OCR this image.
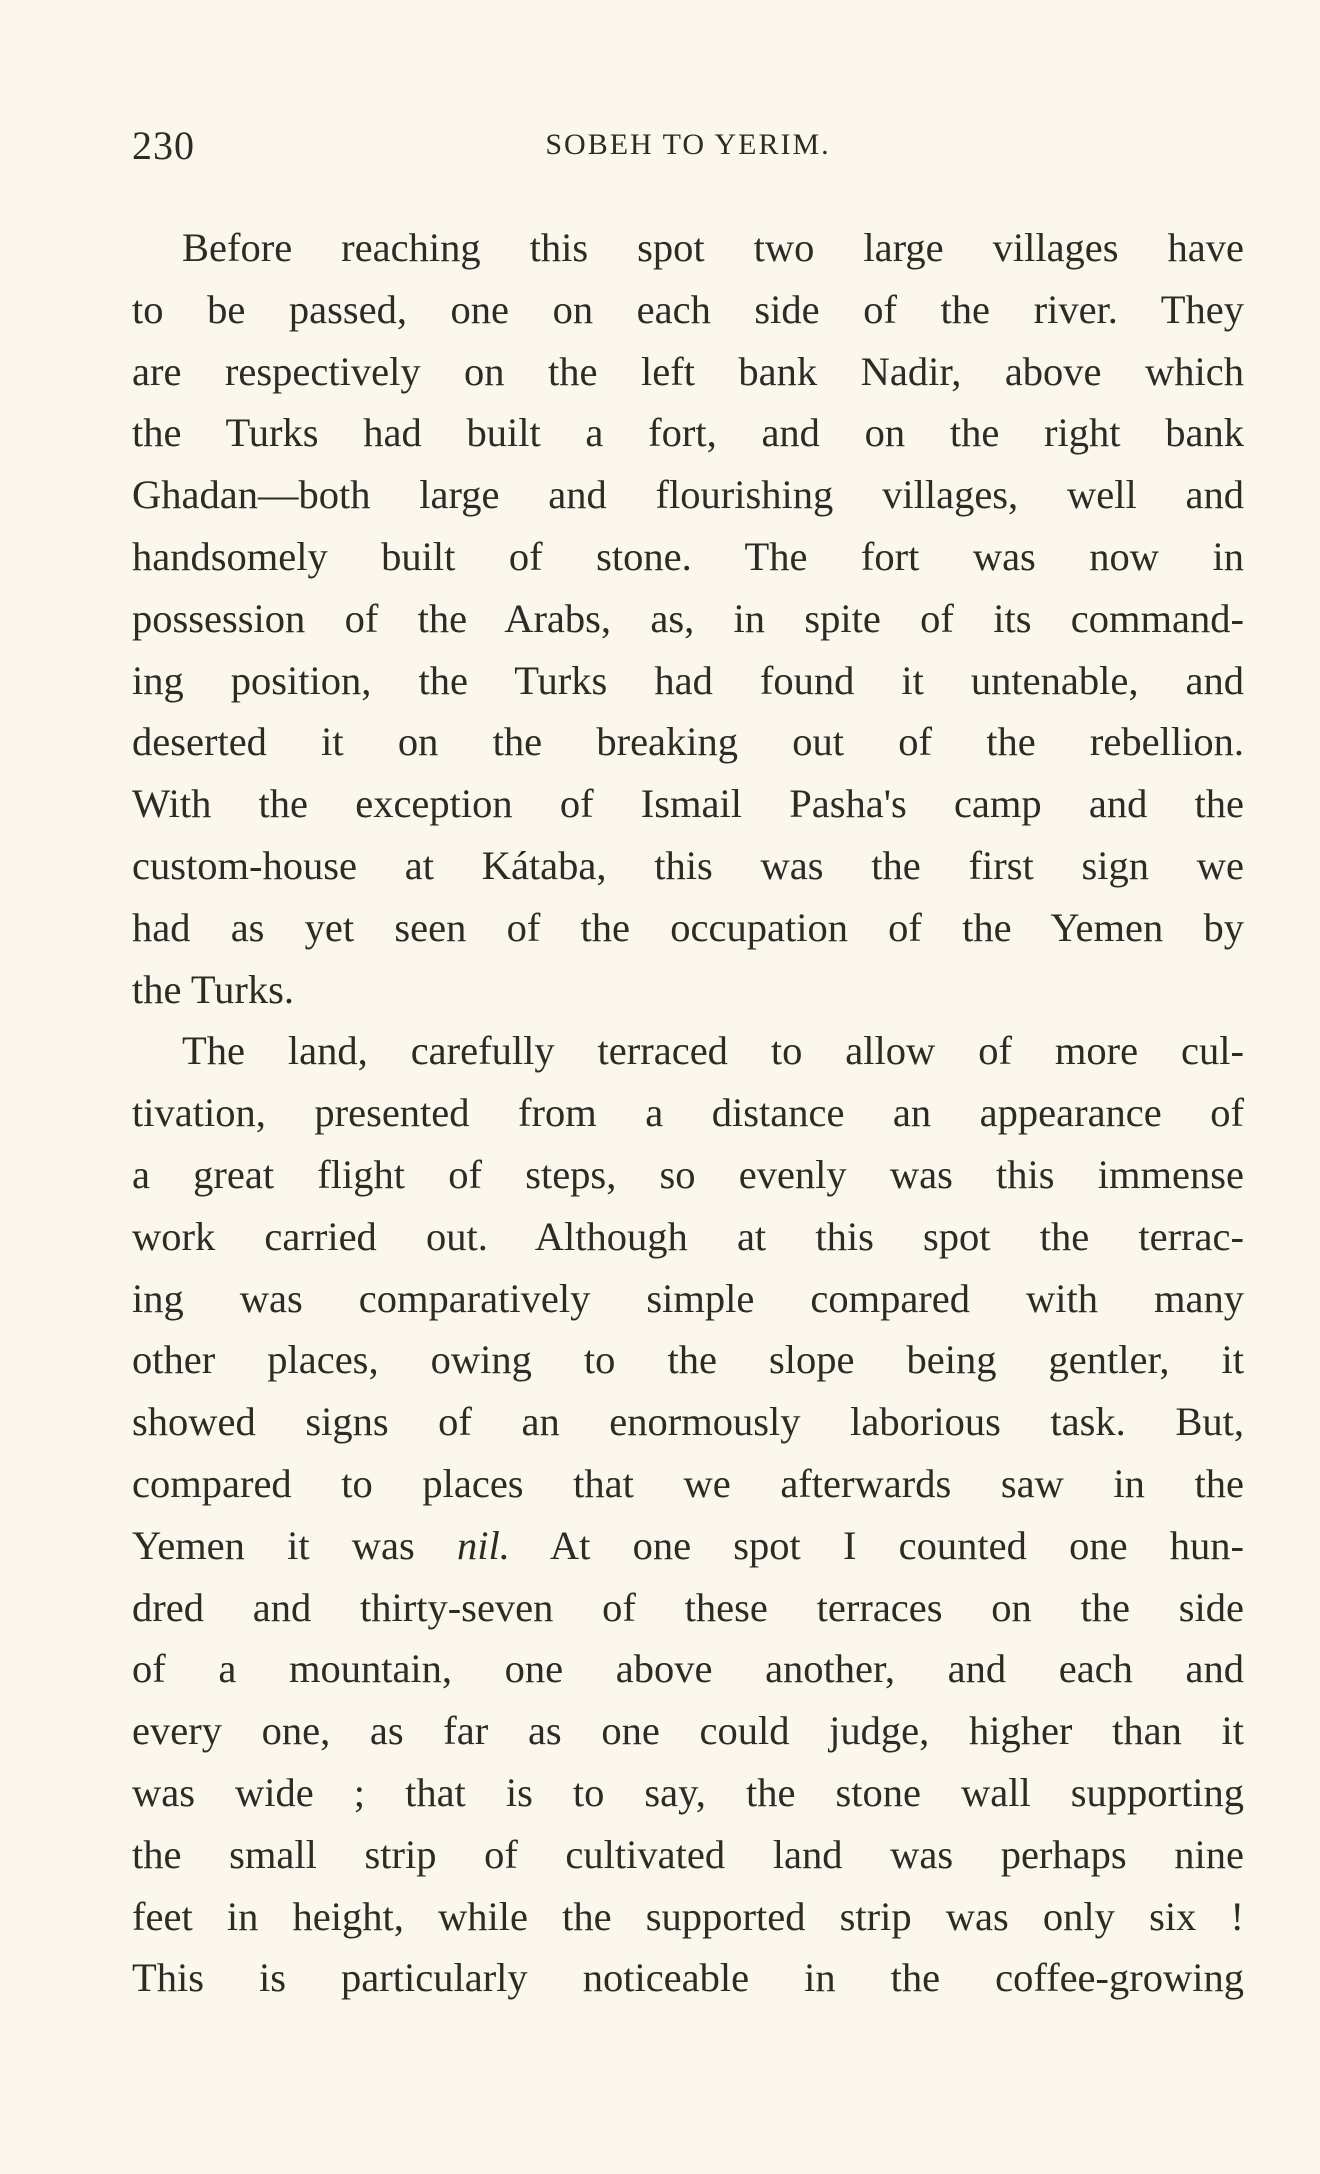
230	SOBEH TO YERIM.

Before reaching this spot two large villages have

to be passed, one on each side of the river. They

are respectively on the left bank Nadir, above which

the Turks had built a fort, and on the right bank

Ghadan—both large and flourishing villages, well and

handsomely built of stone. The fort was now in

possession of the Arabs, as, in spite of its command-

ing position, the Turks had found it untenable, and

deserted it on the breaking out of the rebellion.

With the exception of Ismail Pasha's camp and the

custom-house at Kátaba, this was the first sign we

had as yet seen of the occupation of the Yemen by

the Turks.

The land, carefully terraced to allow of more cul-

tivation, presented from a distance an appearance of

a great flight of steps, so evenly was this immense

work carried out. Although at this spot the terrac-

ing was comparatively simple compared with many

other places, owing to the slope being gentler, it

showed signs of an enormously laborious task. But,

compared to places that we afterwards saw in the

Yemen it was nil. At one spot I counted one hun-

dred and thirty-seven of these terraces on the side

of a mountain, one above another, and each and

every one, as far as one could judge, higher than it

was wide ; that is to say, the stone wall supporting

the small strip of cultivated land was perhaps nine

feet in height, while the supported strip was only six !

This is particularly noticeable in the coffee-growing
